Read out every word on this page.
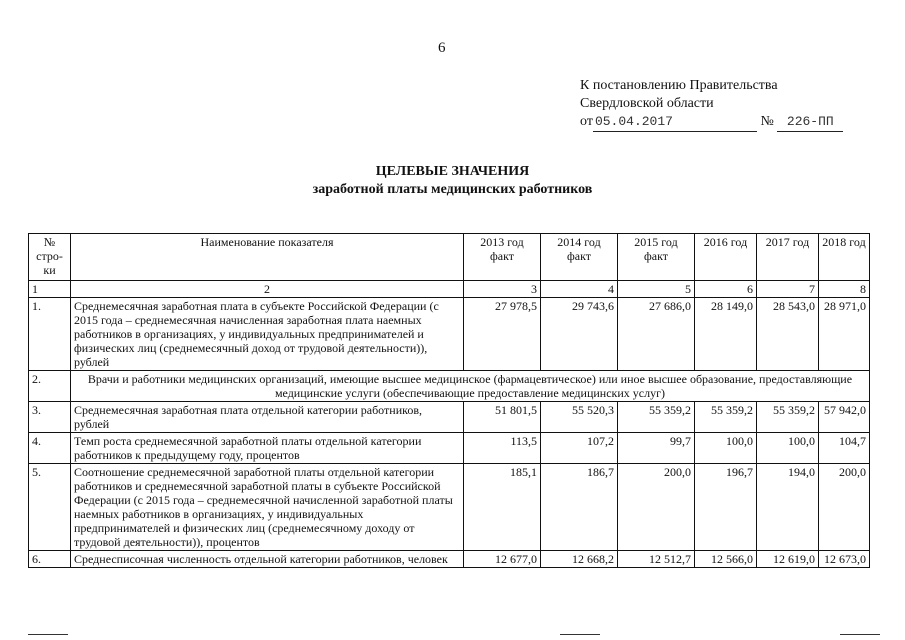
6
К постановлению Правительства
Свердловской области
от 05.04.2017	№ 226-ПП
ЦЕЛЕВЫЕ ЗНАЧЕНИЯ
заработной платы медицинских работников
№ стро-ки	Наименование показателя	2013 год факт	2014 год факт	2015 год факт	2016 год	2017 год	2018 год
1	2	3	4	5	6	7	8
1.	Среднемесячная заработная плата в субъекте Российской Федерации (с 2015 года – среднемесячная начисленная заработная плата наемных работников в организациях, у индивидуальных предпринимателей и физических лиц (среднемесячный доход от трудовой деятельности)), рублей	27 978,5	29 743,6	27 686,0	28 149,0	28 543,0	28 971,0
2.	Врачи и работники медицинских организаций, имеющие высшее медицинское (фармацевтическое) или иное высшее образование, предоставляющие медицинские услуги (обеспечивающие предоставление медицинских услуг)						
3.	Среднемесячная заработная плата отдельной категории работников, рублей	51 801,5	55 520,3	55 359,2	55 359,2	55 359,2	57 942,0
4.	Темп роста среднемесячной заработной платы отдельной категории работников к предыдущему году, процентов	113,5	107,2	99,7	100,0	100,0	104,7
5.	Соотношение среднемесячной заработной платы отдельной категории работников и среднемесячной заработной платы в субъекте Российской Федерации (с 2015 года – среднемесячной начисленной заработной платы наемных работников в организациях, у индивидуальных предпринимателей и физических лиц (среднемесячному доходу от трудовой деятельности)), процентов	185,1	186,7	200,0	196,7	194,0	200,0
6.	Среднесписочная численность отдельной категории работников, человек	12 677,0	12 668,2	12 512,7	12 566,0	12 619,0	12 673,0
